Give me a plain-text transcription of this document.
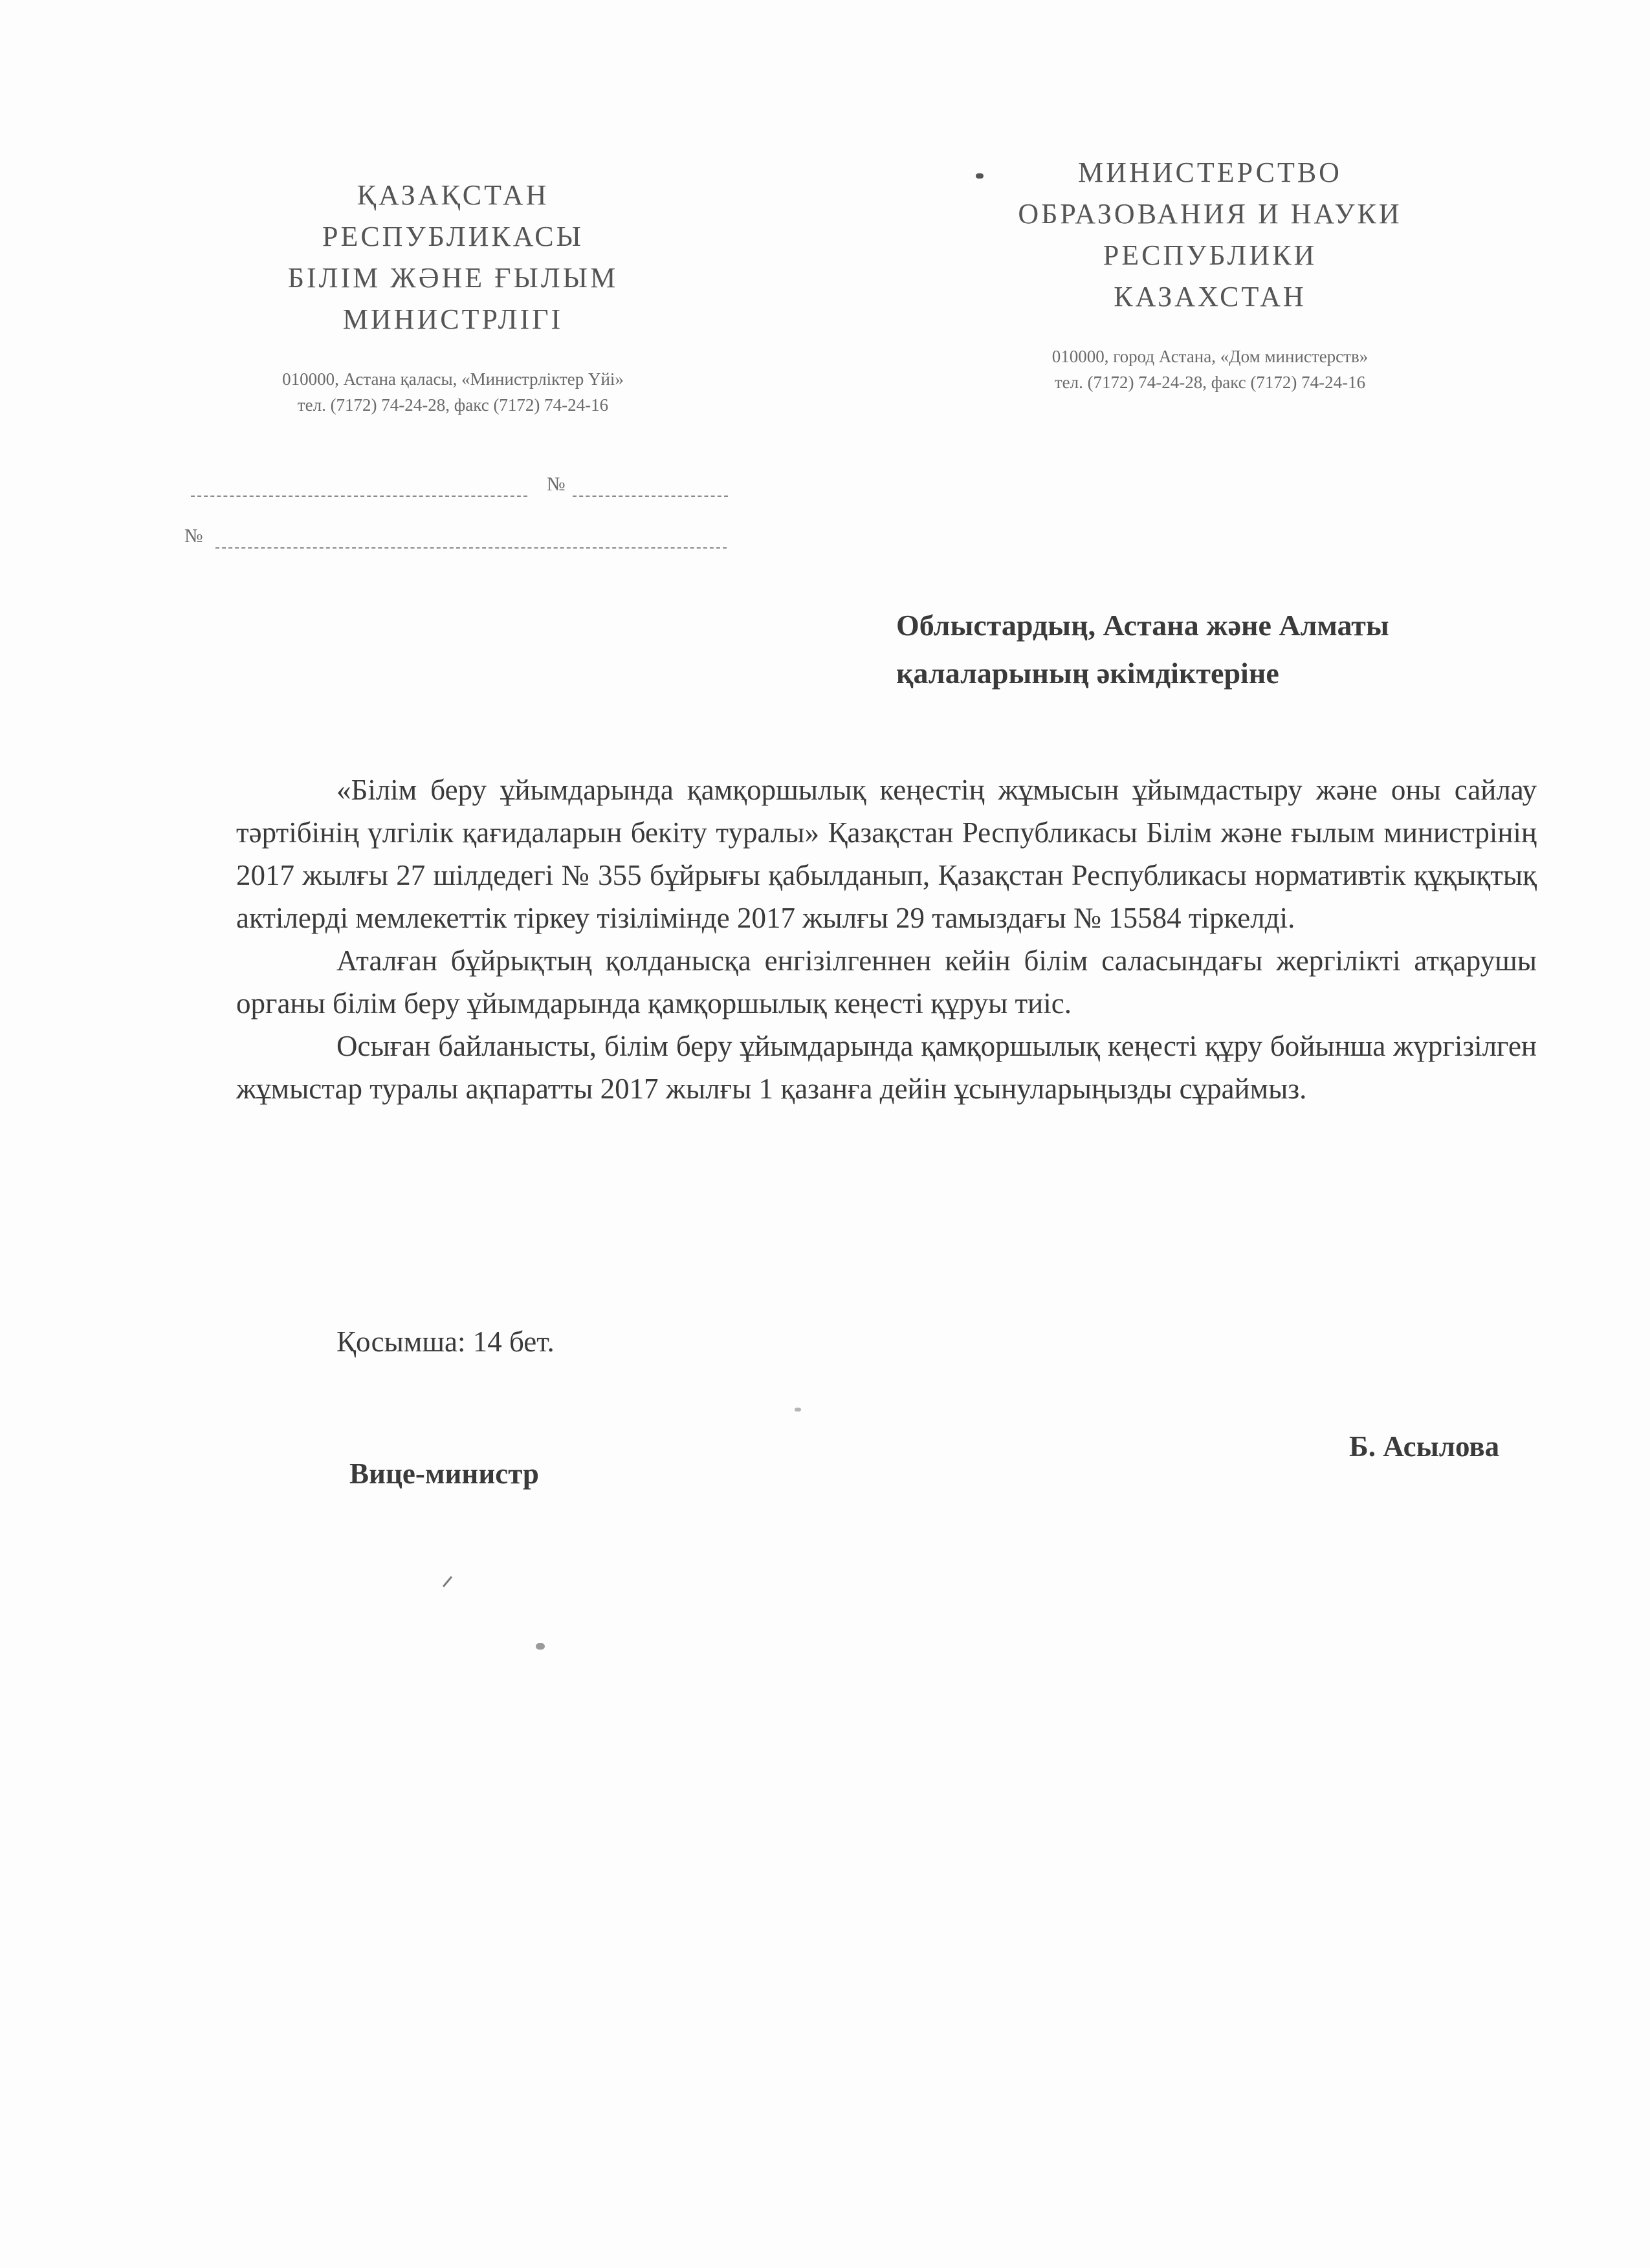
ҚАЗАҚСТАН
РЕСПУБЛИКАСЫ
БІЛІМ ЖӘНЕ ҒЫЛЫМ
МИНИСТРЛІГІ
010000, Астана қаласы, «Министрліктер Үйі»
тел. (7172) 74-24-28, факс (7172) 74-24-16
МИНИСТЕРСТВО
ОБРАЗОВАНИЯ И НАУКИ
РЕСПУБЛИКИ
КАЗАХСТАН
010000, город Астана, «Дом министерств»
тел. (7172) 74-24-28, факс (7172) 74-24-16
№
№
Облыстардың, Астана және Алматы
қалаларының әкімдіктеріне

«Білім беру ұйымдарында қамқоршылық кеңестің жұмысын ұйымдастыру және оны сайлау тәртібінің үлгілік қағидаларын бекіту туралы» Қазақстан Республикасы Білім және ғылым министрінің 2017 жылғы 27 шілдедегі № 355 бұйрығы қабылданып, Қазақстан Республикасы нормативтік құқықтық актілерді мемлекеттік тіркеу тізілімінде 2017 жылғы 29 тамыздағы № 15584 тіркелді.

Аталған бұйрықтың қолданысқа енгізілгеннен кейін білім саласындағы жергілікті атқарушы органы білім беру ұйымдарында қамқоршылық кеңесті құруы тиіс.

Осыған байланысты, білім беру ұйымдарында қамқоршылық кеңесті құру бойынша жүргізілген жұмыстар туралы ақпаратты 2017 жылғы 1 қазанға дейін ұсынуларыңызды сұраймыз.

Қосымша: 14 бет.
Вице-министр
Б. Асылова
